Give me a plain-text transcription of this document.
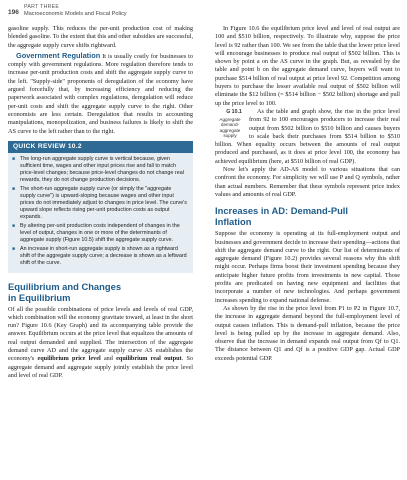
196
PART THREE
Macroeconomic Models and Fiscal Policy

gasoline supply. This reduces the per-unit production cost of making blended gasoline. To the extent that this and other subsidies are successful, the aggregate supply curve shifts rightward.

Government Regulation It is usually costly for businesses to comply with government regulations. More regulation therefore tends to increase per-unit production costs and shift the aggregate supply curve to the left. "Supply-side" proponents of deregulation of the economy have argued forcefully that, by increasing efficiency and reducing the paperwork associated with complex regulations, deregulation will reduce per-unit costs and shift the aggregate supply curve to the right. Other economists are less certain. Deregulation that results in accounting manipulations, monopolization, and business failures is likely to shift the AS curve to the left rather than to the right.

QUICK REVIEW 10.2
■ The long-run aggregate supply curve is vertical because, given sufficient time, wages and other input prices rise and fall to match price-level changes; because price-level changes do not change real rewards, they do not change production decisions.
■ The short-run aggregate supply curve (or simply the "aggregate supply curve") is upward-sloping because wages and other input prices do not immediately adjust to changes in price level. The curve's upward slope reflects rising per-unit production costs as output expands.
■ By altering per-unit production costs independent of changes in the level of output, changes in one or more of the determinants of aggregate supply (Figure 10.5) shift the aggregate supply curve.
■ An increase in short-run aggregate supply is shown as a rightward shift of the aggregate supply curve; a decrease is shown as a leftward shift of the curve.
Equilibrium and Changes
in Equilibrium

Of all the possible combinations of price levels and levels of real GDP, which combination will the economy gravitate toward, at least in the short run? Figure 10.6 (Key Graph) and its accompanying table provide the answer. Equilibrium occurs at the price level that equalizes the amounts of real output demanded and supplied. The intersection of the aggregate demand curve AD and the aggregate supply curve AS establishes the economy's equilibrium price level and equilibrium real output. So aggregate demand and aggregate supply jointly establish the price level and level of real GDP.

In Figure 10.6 the equilibrium price level and level of real output are 100 and $510 billion, respectively. To illustrate why, suppose the price level is 92 rather than 100. We see from the table that the lower price level will encourage businesses to produce real output of $502 billion. This is shown by point a on the AS curve in the graph. But, as revealed by the table and point b on the aggregate demand curve, buyers will want to purchase $514 billion of real output at price level 92. Competition among buyers to purchase the lesser available real output of $502 billion will eliminate the $12 billion (= $514 billion − $502 billion) shortage and pull up the price level to 100.

G 10.1
Aggregate demand-aggregate supply
As the table and graph show, the rise in the price level from 92 to 100 encourages producers to increase their real output from $502 billion to $510 billion and causes buyers to scale back their purchases from $514 billion to $510 billion. When equality occurs between the amounts of real output produced and purchased, as it does at price level 100, the economy has achieved equilibrium (here, at $510 billion of real GDP).

Now let's apply the AD-AS model to various situations that can confront the economy. For simplicity we will use P and Q symbols, rather than actual numbers. Remember that these symbols represent price index values and amounts of real GDP.

Increases in AD: Demand-Pull
Inflation

Suppose the economy is operating at its full-employment output and businesses and government decide to increase their spending—actions that shift the aggregate demand curve to the right. Our list of determinants of aggregate demand (Figure 10.2) provides several reasons why this shift might occur. Perhaps firms boost their investment spending because they anticipate higher future profits from investments in new capital. Those profits are predicated on having new equipment and facilities that incorporate a number of new technologies. And perhaps government increases spending to expand national defense.

As shown by the rise in the price level from P1 to P2 in Figure 10.7, the increase in aggregate demand beyond the full-employment level of output causes inflation. This is demand-pull inflation, because the price level is being pulled up by the increase in aggregate demand. Also, observe that the increase in demand expands real output from Qf to Q1. The distance between Q1 and Qf is a positive GDP gap. Actual GDP exceeds potential GDP.
